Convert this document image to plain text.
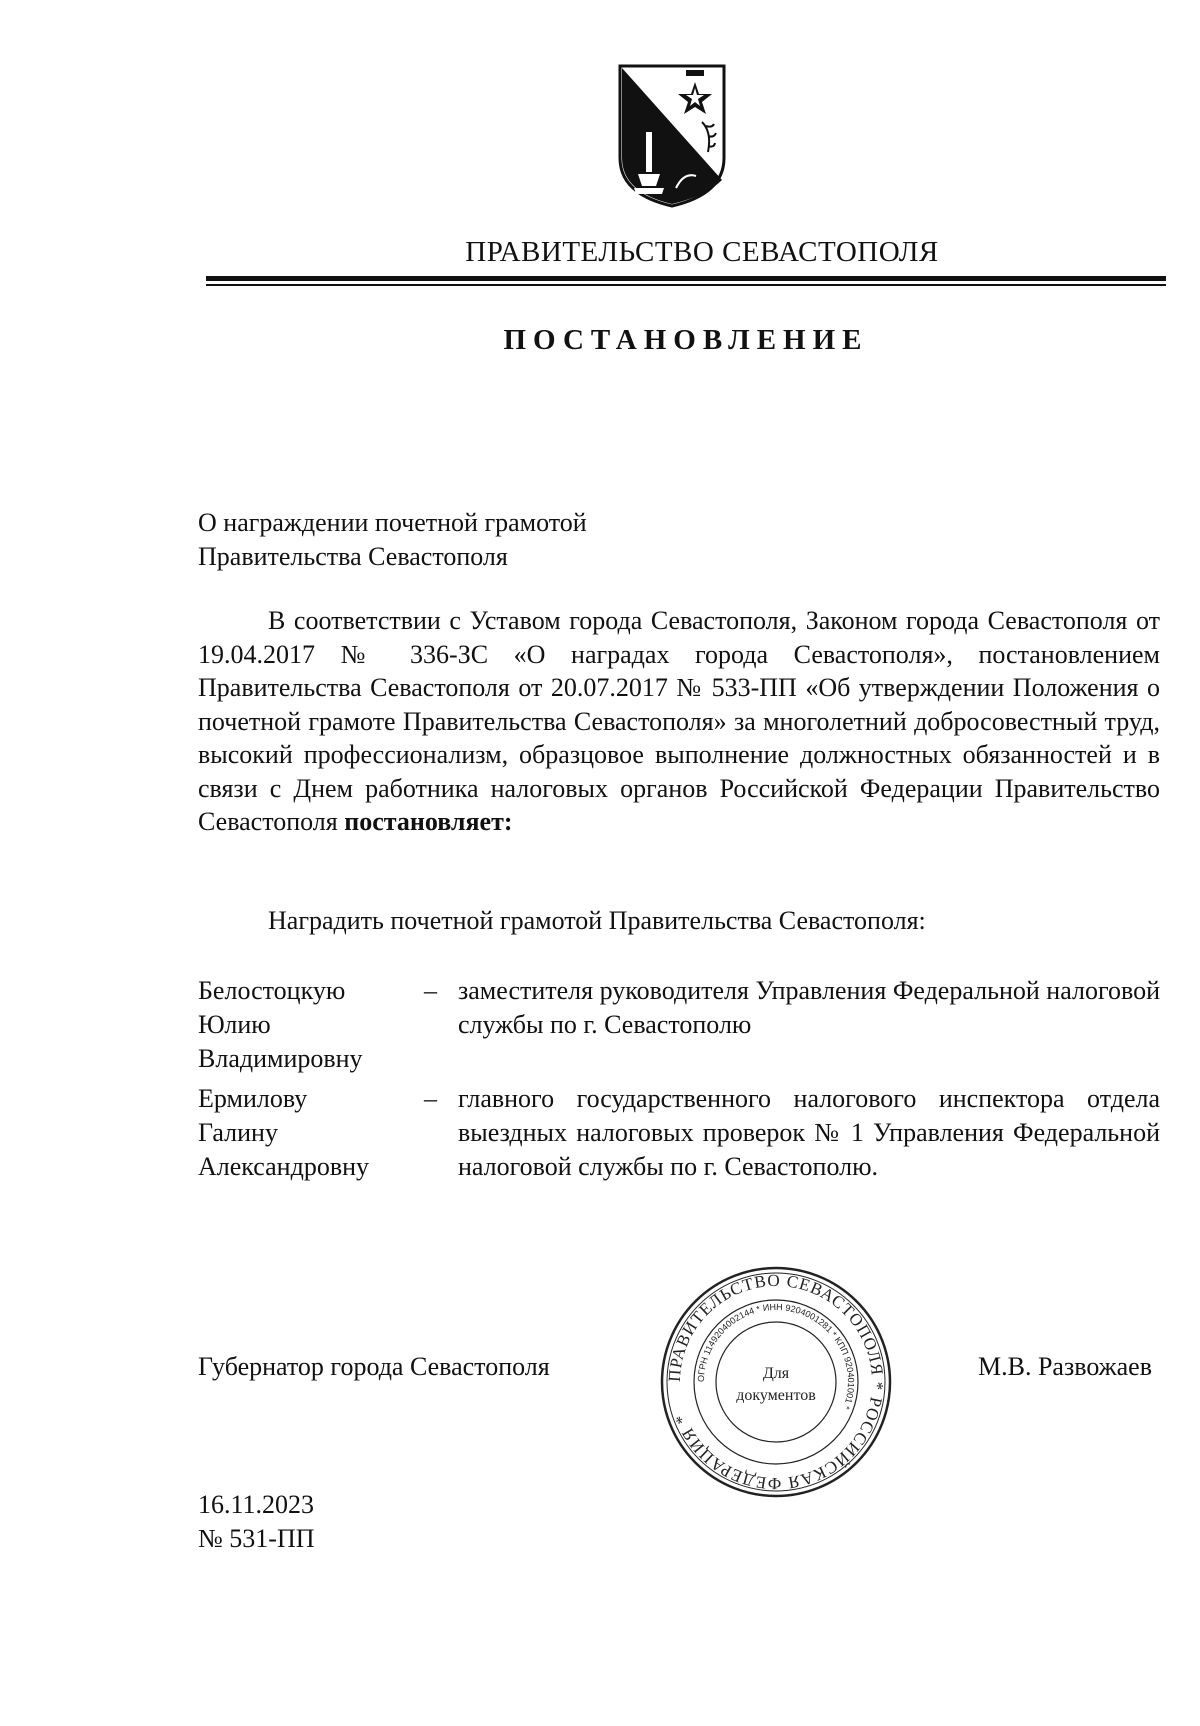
ПРАВИТЕЛЬСТВО СЕВАСТОПОЛЯ
ПОСТАНОВЛЕНИЕ
О награждении почетной грамотой
Правительства Севастополя
В соответствии с Уставом города Севастополя, Законом города Севастополя от 19.04.2017 № 336-ЗС «О наградах города Севастополя», постановлением Правительства Севастополя от 20.07.2017 № 533-ПП «Об утверждении Положения о почетной грамоте Правительства Севастополя» за многолетний добросовестный труд, высокий профессионализм, образцовое выполнение должностных обязанностей и в связи с Днем работника налоговых органов Российской Федерации Правительство Севастополя постановляет:
Наградить почетной грамотой Правительства Севастополя:
Белостоцкую
Юлию
Владимировну
– заместителя руководителя Управления Федеральной налоговой службы по г. Севастополю
Ермилову
Галину
Александровну
– главного государственного налогового инспектора отдела выездных налоговых проверок № 1 Управления Федеральной налоговой службы по г. Севастополю.
Губернатор города Севастополя	ПРАВИТЕЛЬСТВО СЕВАСТОПОЛЯ * РОССИЙСКАЯ ФЕДЕРАЦИЯ *
ОГРН 1149204002144 * ИНН 9204001281 * КПП 920401001 *
Для
документов
М.В. Развожаев
16.11.2023
№ 531-ПП
